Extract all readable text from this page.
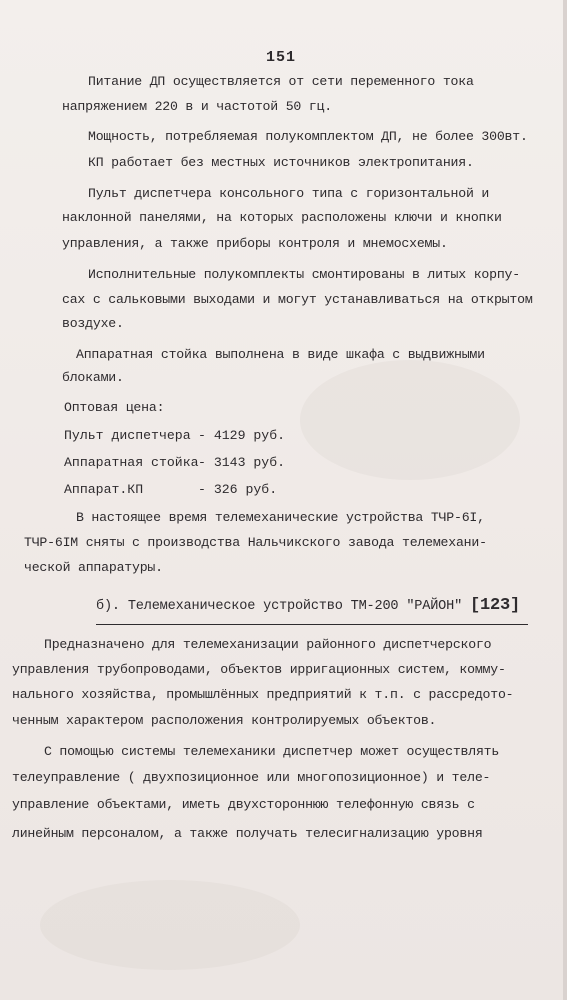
151
Питание ДП осуществляется от сети переменного тока
напряжением 220 в и частотой 50 гц.
Мощность, потребляемая полукомплектом ДП, не более 300вт.
КП работает без местных источников электропитания.
Пульт диспетчера консольного типа с горизонтальной и
наклонной панелями, на которых расположены ключи и кнопки
управления, а также приборы контроля и мнемосхемы.
Исполнительные полукомплекты смонтированы в литых корпу-
сах с сальковыми выходами и могут устанавливаться на открытом
воздухе.
Аппаратная стойка выполнена в виде шкафа с выдвижными
блоками.
Оптовая цена:
Пульт диспетчера - 4129 руб.
Аппаратная стойка - 3143 руб.
Аппарат.КП	- 326 руб.
В настоящее время телемеханические устройства ТЧР-6I,
ТЧР-6IМ сняты с производства Нальчикского завода телемехани-
ческой аппаратуры.
б). Телемеханическое устройство ТМ-200 "РАЙОН" [123]
Предназначено для телемеханизации районного диспетчерского
управления трубопроводами, объектов ирригационных систем, комму-
нального хозяйства, промышлённых предприятий к т.п. с рассредото-
ченным характером расположения контролируемых объектов.
С помощью системы телемеханики диспетчер может осуществлять
телеуправление ( двухпозиционное или многопозиционное) и теле-
управление объектами, иметь двухстороннюю телефонную связь с
линейным персоналом, а также получать телесигнализацию уровня
